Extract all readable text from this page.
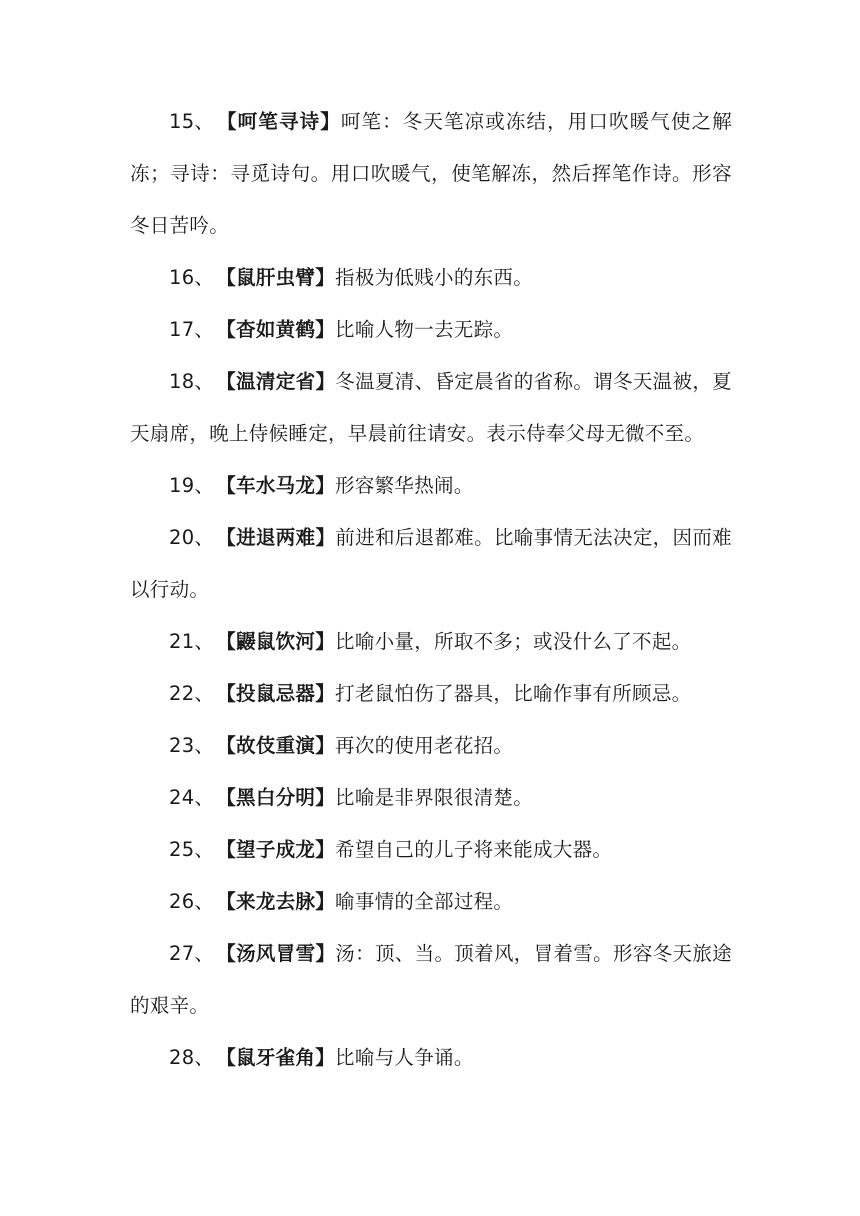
15、 【呵笔寻诗】呵笔：冬天笔凉或冻结，用口吹暖气使之解冻；寻诗：寻觅诗句。用口吹暖气，使笔解冻，然后挥笔作诗。形容冬日苦吟。

16、 【鼠肝虫臂】指极为低贱小的东西。

17、 【杳如黄鹤】比喻人物一去无踪。

18、 【温清定省】冬温夏清、昏定晨省的省称。谓冬天温被，夏天扇席，晚上侍候睡定，早晨前往请安。表示侍奉父母无微不至。

19、 【车水马龙】形容繁华热闹。

20、 【进退两难】前进和后退都难。比喻事情无法决定，因而难以行动。

21、 【鼹鼠饮河】比喻小量，所取不多；或没什么了不起。

22、 【投鼠忌器】打老鼠怕伤了器具，比喻作事有所顾忌。

23、 【故伎重演】再次的使用老花招。

24、 【黑白分明】比喻是非界限很清楚。

25、 【望子成龙】希望自己的儿子将来能成大器。

26、 【来龙去脉】喻事情的全部过程。

27、 【汤风冒雪】汤：顶、当。顶着风，冒着雪。形容冬天旅途的艰辛。

28、 【鼠牙雀角】比喻与人争诵。
